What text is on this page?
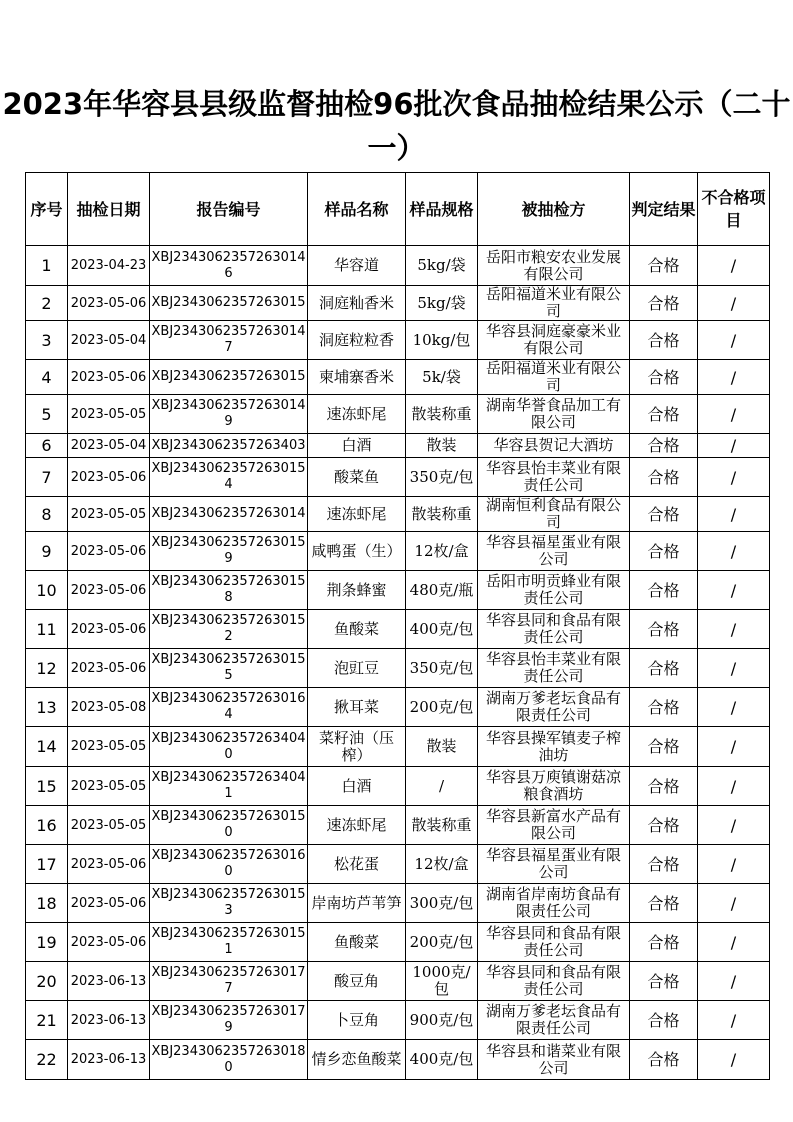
2023年华容县县级监督抽检96批次食品抽检结果公示（二十一）
序号	抽检日期	报告编号	样品名称	样品规格	被抽检方	判定结果	不合格项目
1	2023-04-23	XBJ23430623572630146	华容道	5kg/袋	岳阳市粮安农业发展有限公司	合格	/
2	2023-05-06	XBJ2343062357263015	洞庭籼香米	5kg/袋	岳阳福道米业有限公司	合格	/
3	2023-05-04	XBJ23430623572630147	洞庭粒粒香	10kg/包	华容县洞庭豪豪米业有限公司	合格	/
4	2023-05-06	XBJ2343062357263015	柬埔寨香米	5k/袋	岳阳福道米业有限公司	合格	/
5	2023-05-05	XBJ23430623572630149	速冻虾尾	散装称重	湖南华誉食品加工有限公司	合格	/
6	2023-05-04	XBJ2343062357263403	白酒	散装	华容县贺记大酒坊	合格	/
7	2023-05-06	XBJ23430623572630154	酸菜鱼	350克/包	华容县怡丰菜业有限责任公司	合格	/
8	2023-05-05	XBJ2343062357263014	速冻虾尾	散装称重	湖南恒利食品有限公司	合格	/
9	2023-05-06	XBJ23430623572630159	咸鸭蛋（生）	12枚/盒	华容县福星蛋业有限公司	合格	/
10	2023-05-06	XBJ23430623572630158	荆条蜂蜜	480克/瓶	岳阳市明贡蜂业有限责任公司	合格	/
11	2023-05-06	XBJ23430623572630152	鱼酸菜	400克/包	华容县同和食品有限责任公司	合格	/
12	2023-05-06	XBJ23430623572630155	泡豇豆	350克/包	华容县怡丰菜业有限责任公司	合格	/
13	2023-05-08	XBJ23430623572630164	揪耳菜	200克/包	湖南万爹老坛食品有限责任公司	合格	/
14	2023-05-05	XBJ23430623572634040	菜籽油（压榨）	散装	华容县操军镇麦子榨油坊	合格	/
15	2023-05-05	XBJ23430623572634041	白酒	/	华容县万庾镇谢菇凉粮食酒坊	合格	/
16	2023-05-05	XBJ23430623572630150	速冻虾尾	散装称重	华容县新富水产品有限公司	合格	/
17	2023-05-06	XBJ23430623572630160	松花蛋	12枚/盒	华容县福星蛋业有限公司	合格	/
18	2023-05-06	XBJ23430623572630153	岸南坊芦苇笋	300克/包	湖南省岸南坊食品有限责任公司	合格	/
19	2023-05-06	XBJ23430623572630151	鱼酸菜	200克/包	华容县同和食品有限责任公司	合格	/
20	2023-06-13	XBJ23430623572630177	酸豆角	1000克/包	华容县同和食品有限责任公司	合格	/
21	2023-06-13	XBJ23430623572630179	卜豆角	900克/包	湖南万爹老坛食品有限责任公司	合格	/
22	2023-06-13	XBJ23430623572630180	情乡恋鱼酸菜	400克/包	华容县和谐菜业有限公司	合格	/
